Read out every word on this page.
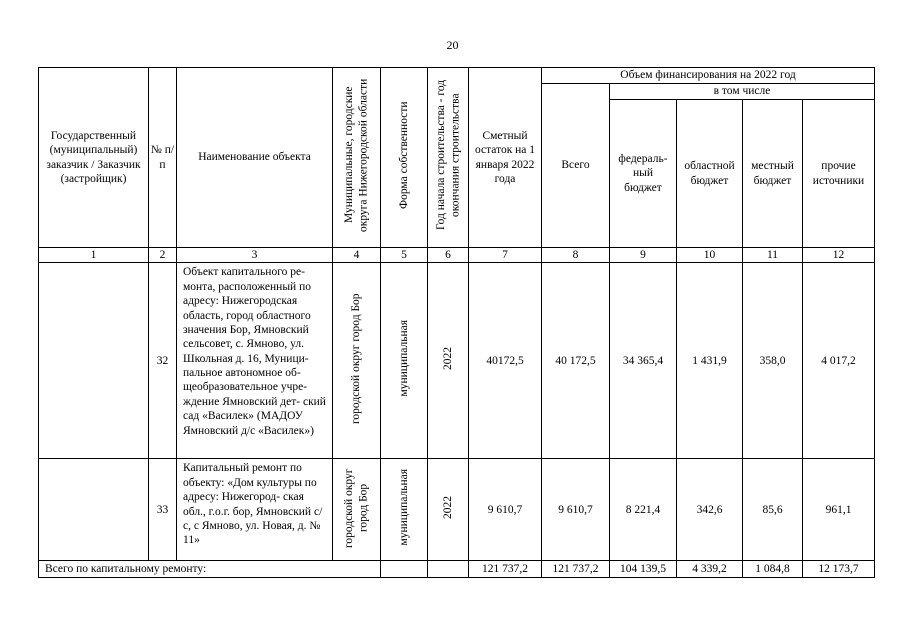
20
Государственный (муниципальный) заказчик / Заказчик (застройщик)	№ п/п	Наименование объекта	Муниципальные, городские округа Нижегородской области	Форма собственности	Год начала строительства - год окончания строительства	Сметный остаток на 1 января 2022 года	Объем финансирования на 2022 год				
							Всего	в том числе			
								федераль- ный бюджет	областной бюджет	местный бюджет	прочие источники
1	2	3	4	5	6	7	8	9	10	11	12
	32	Объект капитального ре- монта, расположенный по адресу: Нижегородская область, город областного значения Бор, Ямновский сельсовет, с. Ямново, ул. Школьная д. 16, Муници- пальное автономное об- щеобразовательное учре- ждение Ямновский дет- ский сад «Василек» (МАДОУ Ямновский д/с «Василек»)	городской округ город Бор	муниципальная	2022	40172,5	40 172,5	34 365,4	1 431,9	358,0	4 017,2
	33	Капитальный ремонт по объекту: «Дом культуры по адресу: Нижегород- ская обл., г.о.г. бор, Ямновский с/с, с Ямново, ул. Новая, д. № 11»	городской округ город Бор	муниципальная	2022	9 610,7	9 610,7	8 221,4	342,6	85,6	961,1
Всего по капитальному ремонту:						121 737,2	121 737,2	104 139,5	4 339,2	1 084,8	12 173,7
